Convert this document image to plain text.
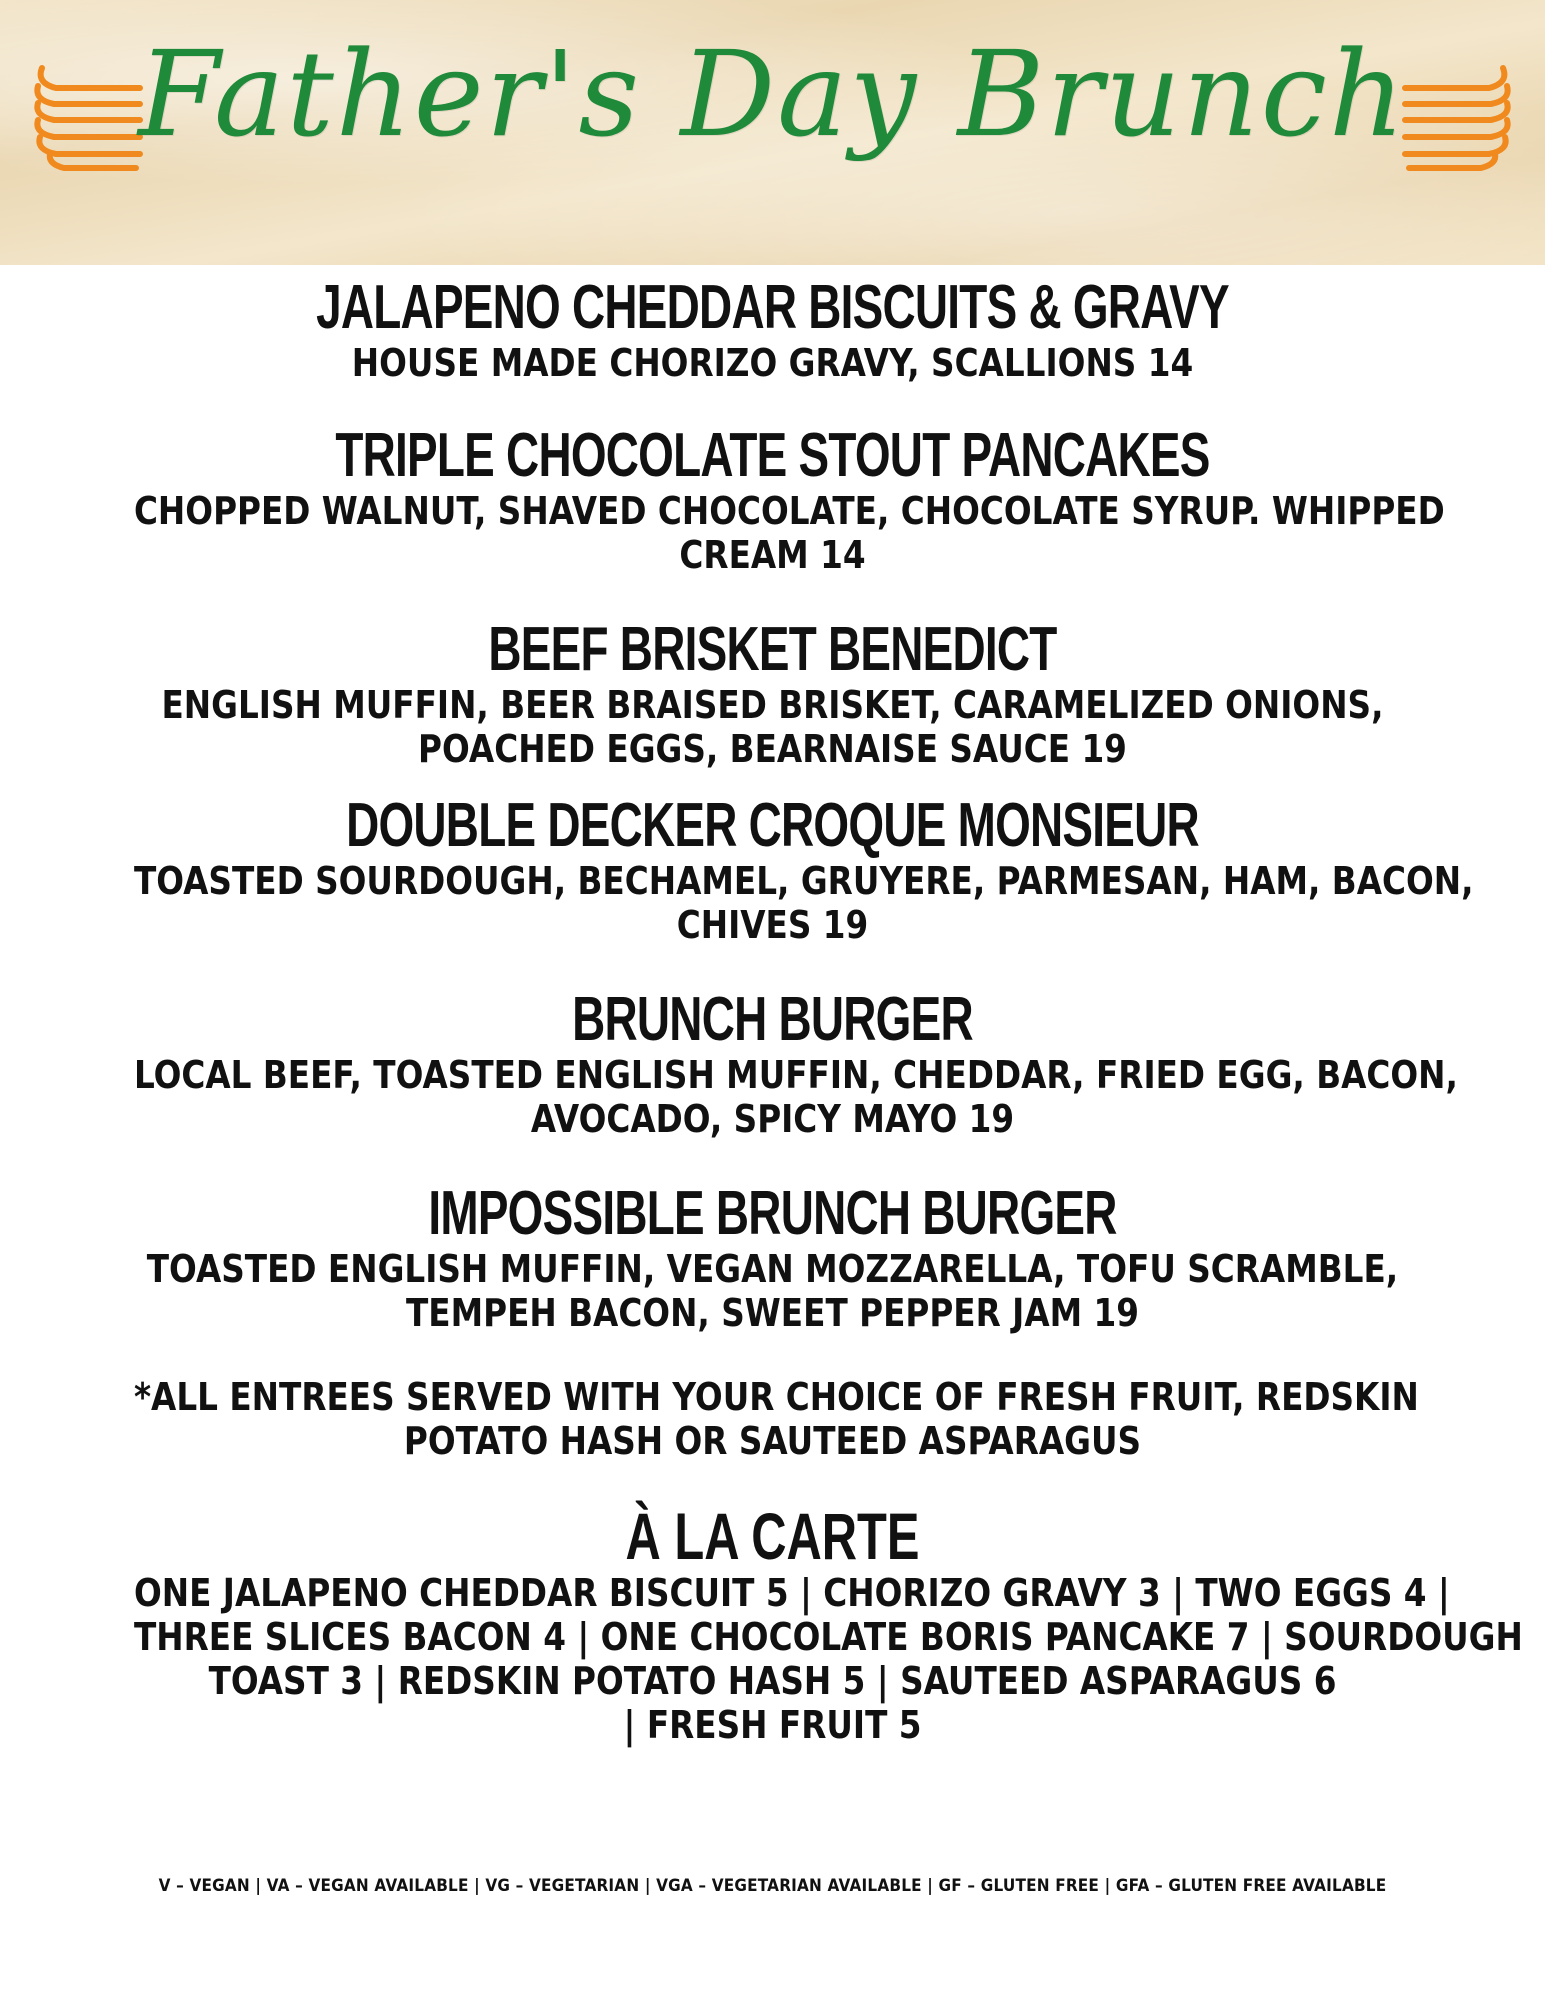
Father's Day Brunch
JALAPENO CHEDDAR BISCUITS & GRAVY
HOUSE MADE CHORIZO GRAVY, SCALLIONS 14
TRIPLE CHOCOLATE STOUT PANCAKES
CHOPPED WALNUT, SHAVED CHOCOLATE, CHOCOLATE SYRUP. WHIPPED
CREAM 14
BEEF BRISKET BENEDICT
ENGLISH MUFFIN, BEER BRAISED BRISKET, CARAMELIZED ONIONS,
POACHED EGGS, BEARNAISE SAUCE 19
DOUBLE DECKER CROQUE MONSIEUR
TOASTED SOURDOUGH, BECHAMEL, GRUYERE, PARMESAN, HAM, BACON,
CHIVES 19
BRUNCH BURGER
LOCAL BEEF, TOASTED ENGLISH MUFFIN, CHEDDAR, FRIED EGG, BACON,
AVOCADO, SPICY MAYO 19
IMPOSSIBLE BRUNCH BURGER
TOASTED ENGLISH MUFFIN, VEGAN MOZZARELLA, TOFU SCRAMBLE,
TEMPEH BACON, SWEET PEPPER JAM 19
*ALL ENTREES SERVED WITH YOUR CHOICE OF FRESH FRUIT, REDSKIN
POTATO HASH OR SAUTEED ASPARAGUS
À LA CARTE
ONE JALAPENO CHEDDAR BISCUIT 5 | CHORIZO GRAVY 3 | TWO EGGS 4 |
THREE SLICES BACON 4 | ONE CHOCOLATE BORIS PANCAKE 7 | SOURDOUGH
TOAST 3 | REDSKIN POTATO HASH 5 | SAUTEED ASPARAGUS 6
| FRESH FRUIT 5
V – VEGAN | VA – VEGAN AVAILABLE | VG – VEGETARIAN | VGA – VEGETARIAN AVAILABLE | GF – GLUTEN FREE | GFA – GLUTEN FREE AVAILABLE
